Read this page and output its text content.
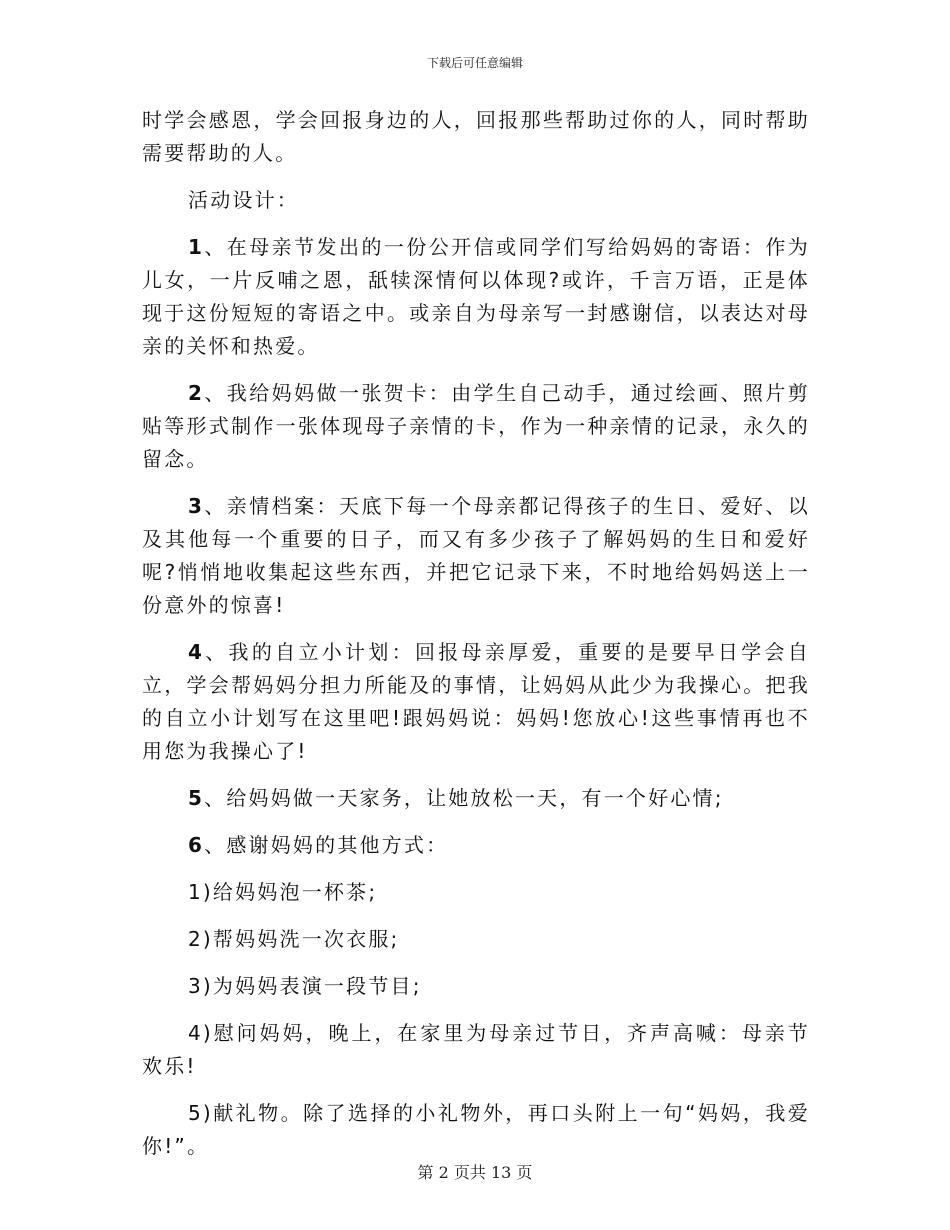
下载后可任意编辑

时学会感恩，学会回报身边的人，回报那些帮助过你的人，同时帮助需要帮助的人。

活动设计：

1、在母亲节发出的一份公开信或同学们写给妈妈的寄语：作为儿女，一片反哺之恩，舐犊深情何以体现?或许，千言万语，正是体现于这份短短的寄语之中。或亲自为母亲写一封感谢信，以表达对母亲的关怀和热爱。

2、我给妈妈做一张贺卡：由学生自己动手，通过绘画、照片剪贴等形式制作一张体现母子亲情的卡，作为一种亲情的记录，永久的留念。

3、亲情档案：天底下每一个母亲都记得孩子的生日、爱好、以及其他每一个重要的日子，而又有多少孩子了解妈妈的生日和爱好呢?悄悄地收集起这些东西，并把它记录下来，不时地给妈妈送上一份意外的惊喜!

4、我的自立小计划：回报母亲厚爱，重要的是要早日学会自立，学会帮妈妈分担力所能及的事情，让妈妈从此少为我操心。把我的自立小计划写在这里吧!跟妈妈说：妈妈!您放心!这些事情再也不用您为我操心了!

5、给妈妈做一天家务，让她放松一天，有一个好心情;

6、感谢妈妈的其他方式：

1)给妈妈泡一杯茶;

2)帮妈妈洗一次衣服;

3)为妈妈表演一段节目;

4)慰问妈妈，晚上，在家里为母亲过节日，齐声高喊：母亲节欢乐!

5)献礼物。除了选择的小礼物外，再口头附上一句“妈妈，我爱你!”。

第 2 页共 13 页
